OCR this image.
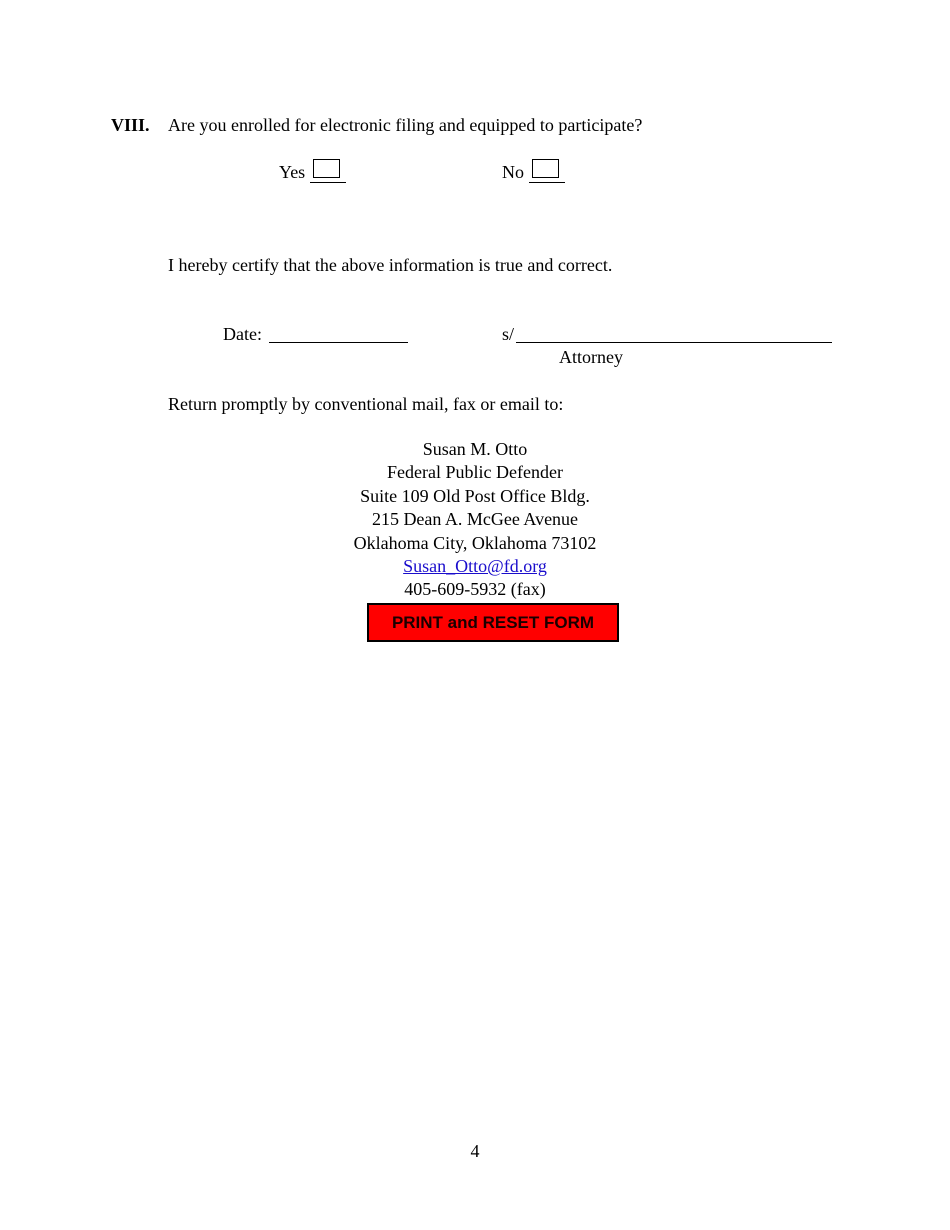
VIII. Are you enrolled for electronic filing and equipped to participate?
Yes	No
I hereby certify that the above information is true and correct.
Date:	s/
Attorney
Return promptly by conventional mail, fax or email to:
Susan M. Otto
Federal Public Defender
Suite 109 Old Post Office Bldg.
215 Dean A. McGee Avenue
Oklahoma City, Oklahoma 73102
Susan_Otto@fd.org
405-609-5932 (fax)
PRINT and RESET FORM
4
